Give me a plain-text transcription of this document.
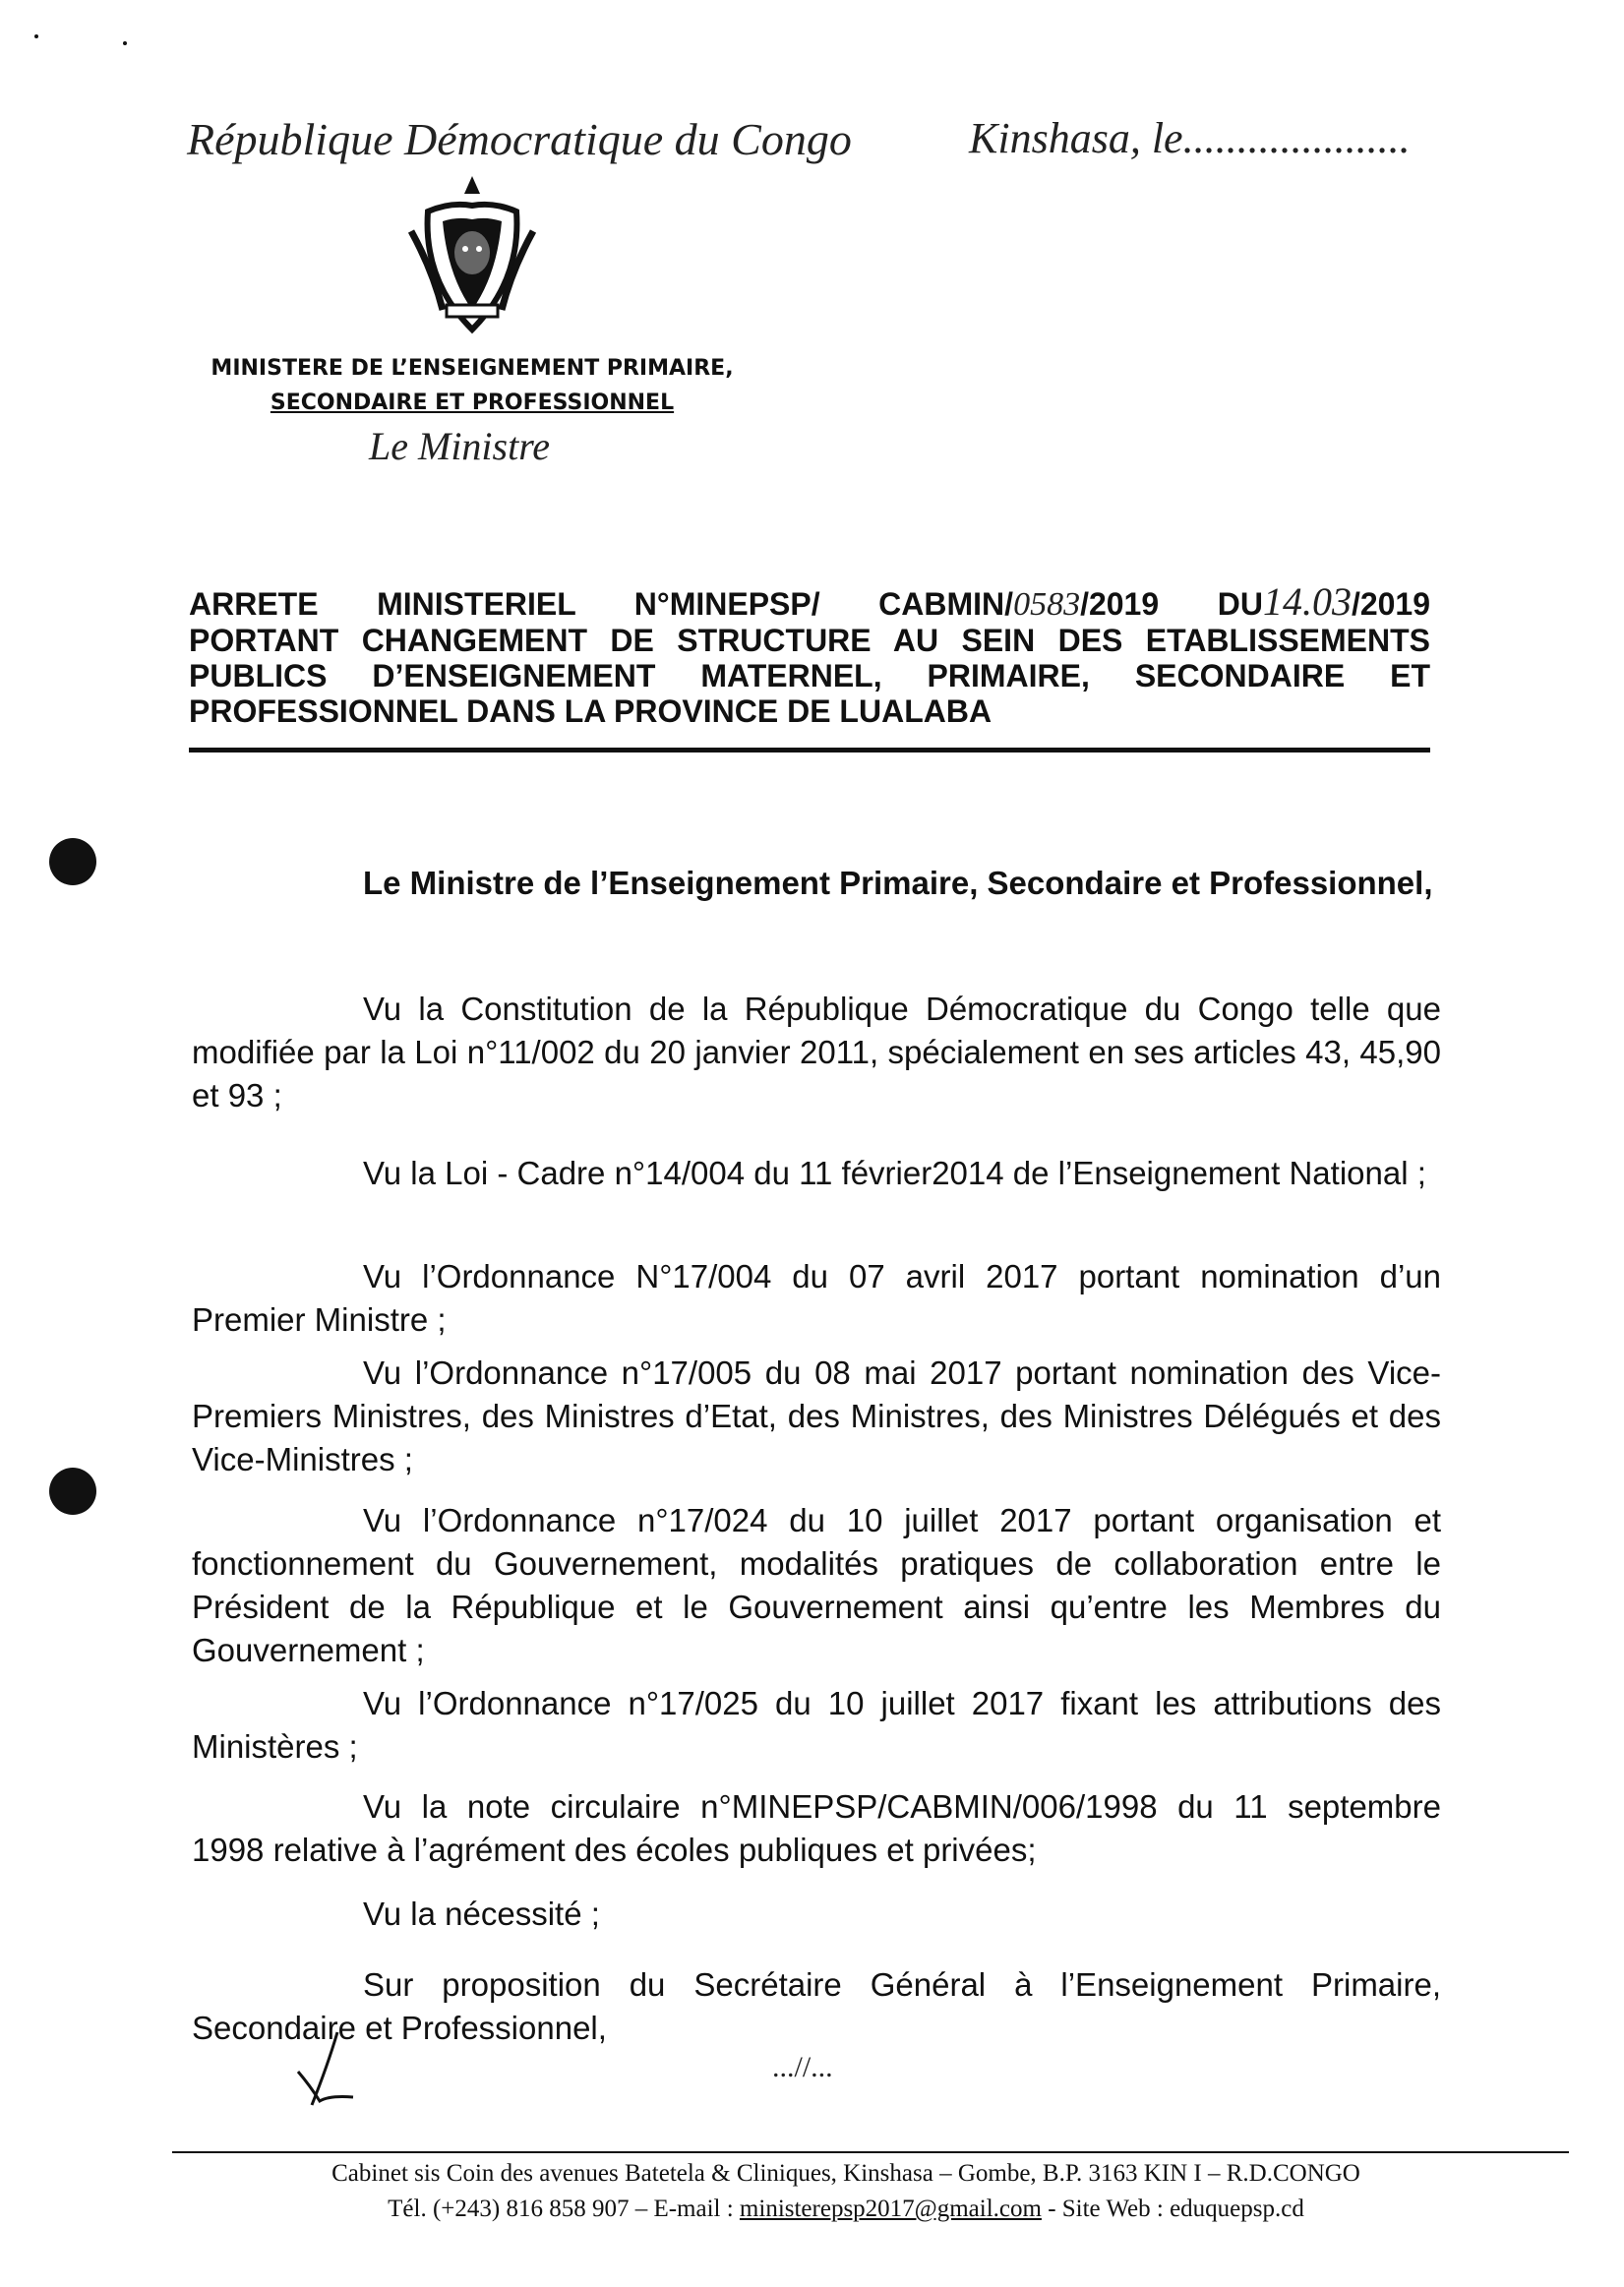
République Démocratique du Congo	Kinshasa, le.....................
MINISTERE DE L’ENSEIGNEMENT PRIMAIRE,
SECONDAIRE ET PROFESSIONNEL
Le Ministre
ARRETE MINISTERIEL N°MINEPSP/ CABMIN/0583/2019 DU14.03/2019
PORTANT CHANGEMENT DE STRUCTURE AU SEIN DES ETABLISSEMENTS
PUBLICS D’ENSEIGNEMENT MATERNEL, PRIMAIRE, SECONDAIRE ET
PROFESSIONNEL DANS LA PROVINCE DE LUALABA
Le Ministre de l’Enseignement Primaire, Secondaire et Professionnel,
Vu la Constitution de la République Démocratique du Congo telle que modifiée par la Loi n°11/002 du 20 janvier 2011, spécialement en ses articles 43, 45,90 et 93 ;
Vu la Loi - Cadre n°14/004 du 11 février2014 de l’Enseignement National ;
Vu l’Ordonnance N°17/004 du 07 avril 2017 portant nomination d’un Premier Ministre ;
Vu l’Ordonnance n°17/005 du 08 mai 2017 portant nomination des Vice-Premiers Ministres, des Ministres d’Etat, des Ministres, des Ministres Délégués et des Vice-Ministres ;
Vu l’Ordonnance n°17/024 du 10 juillet 2017 portant organisation et fonctionnement du Gouvernement, modalités pratiques de collaboration entre le Président de la République et le Gouvernement ainsi qu’entre les Membres du Gouvernement ;
Vu l’Ordonnance n°17/025 du 10 juillet 2017 fixant les attributions des Ministères ;
Vu la note circulaire n°MINEPSP/CABMIN/006/1998 du 11 septembre 1998 relative à l’agrément des écoles publiques et privées;
Vu la nécessité ;
Sur proposition du Secrétaire Général à l’Enseignement Primaire, Secondaire et Professionnel,
...//...
Cabinet sis Coin des avenues Batetela & Cliniques, Kinshasa – Gombe, B.P. 3163 KIN I – R.D.CONGO
Tél. (+243) 816 858 907 – E-mail : ministerepsp2017@gmail.com - Site Web : eduquepsp.cd
